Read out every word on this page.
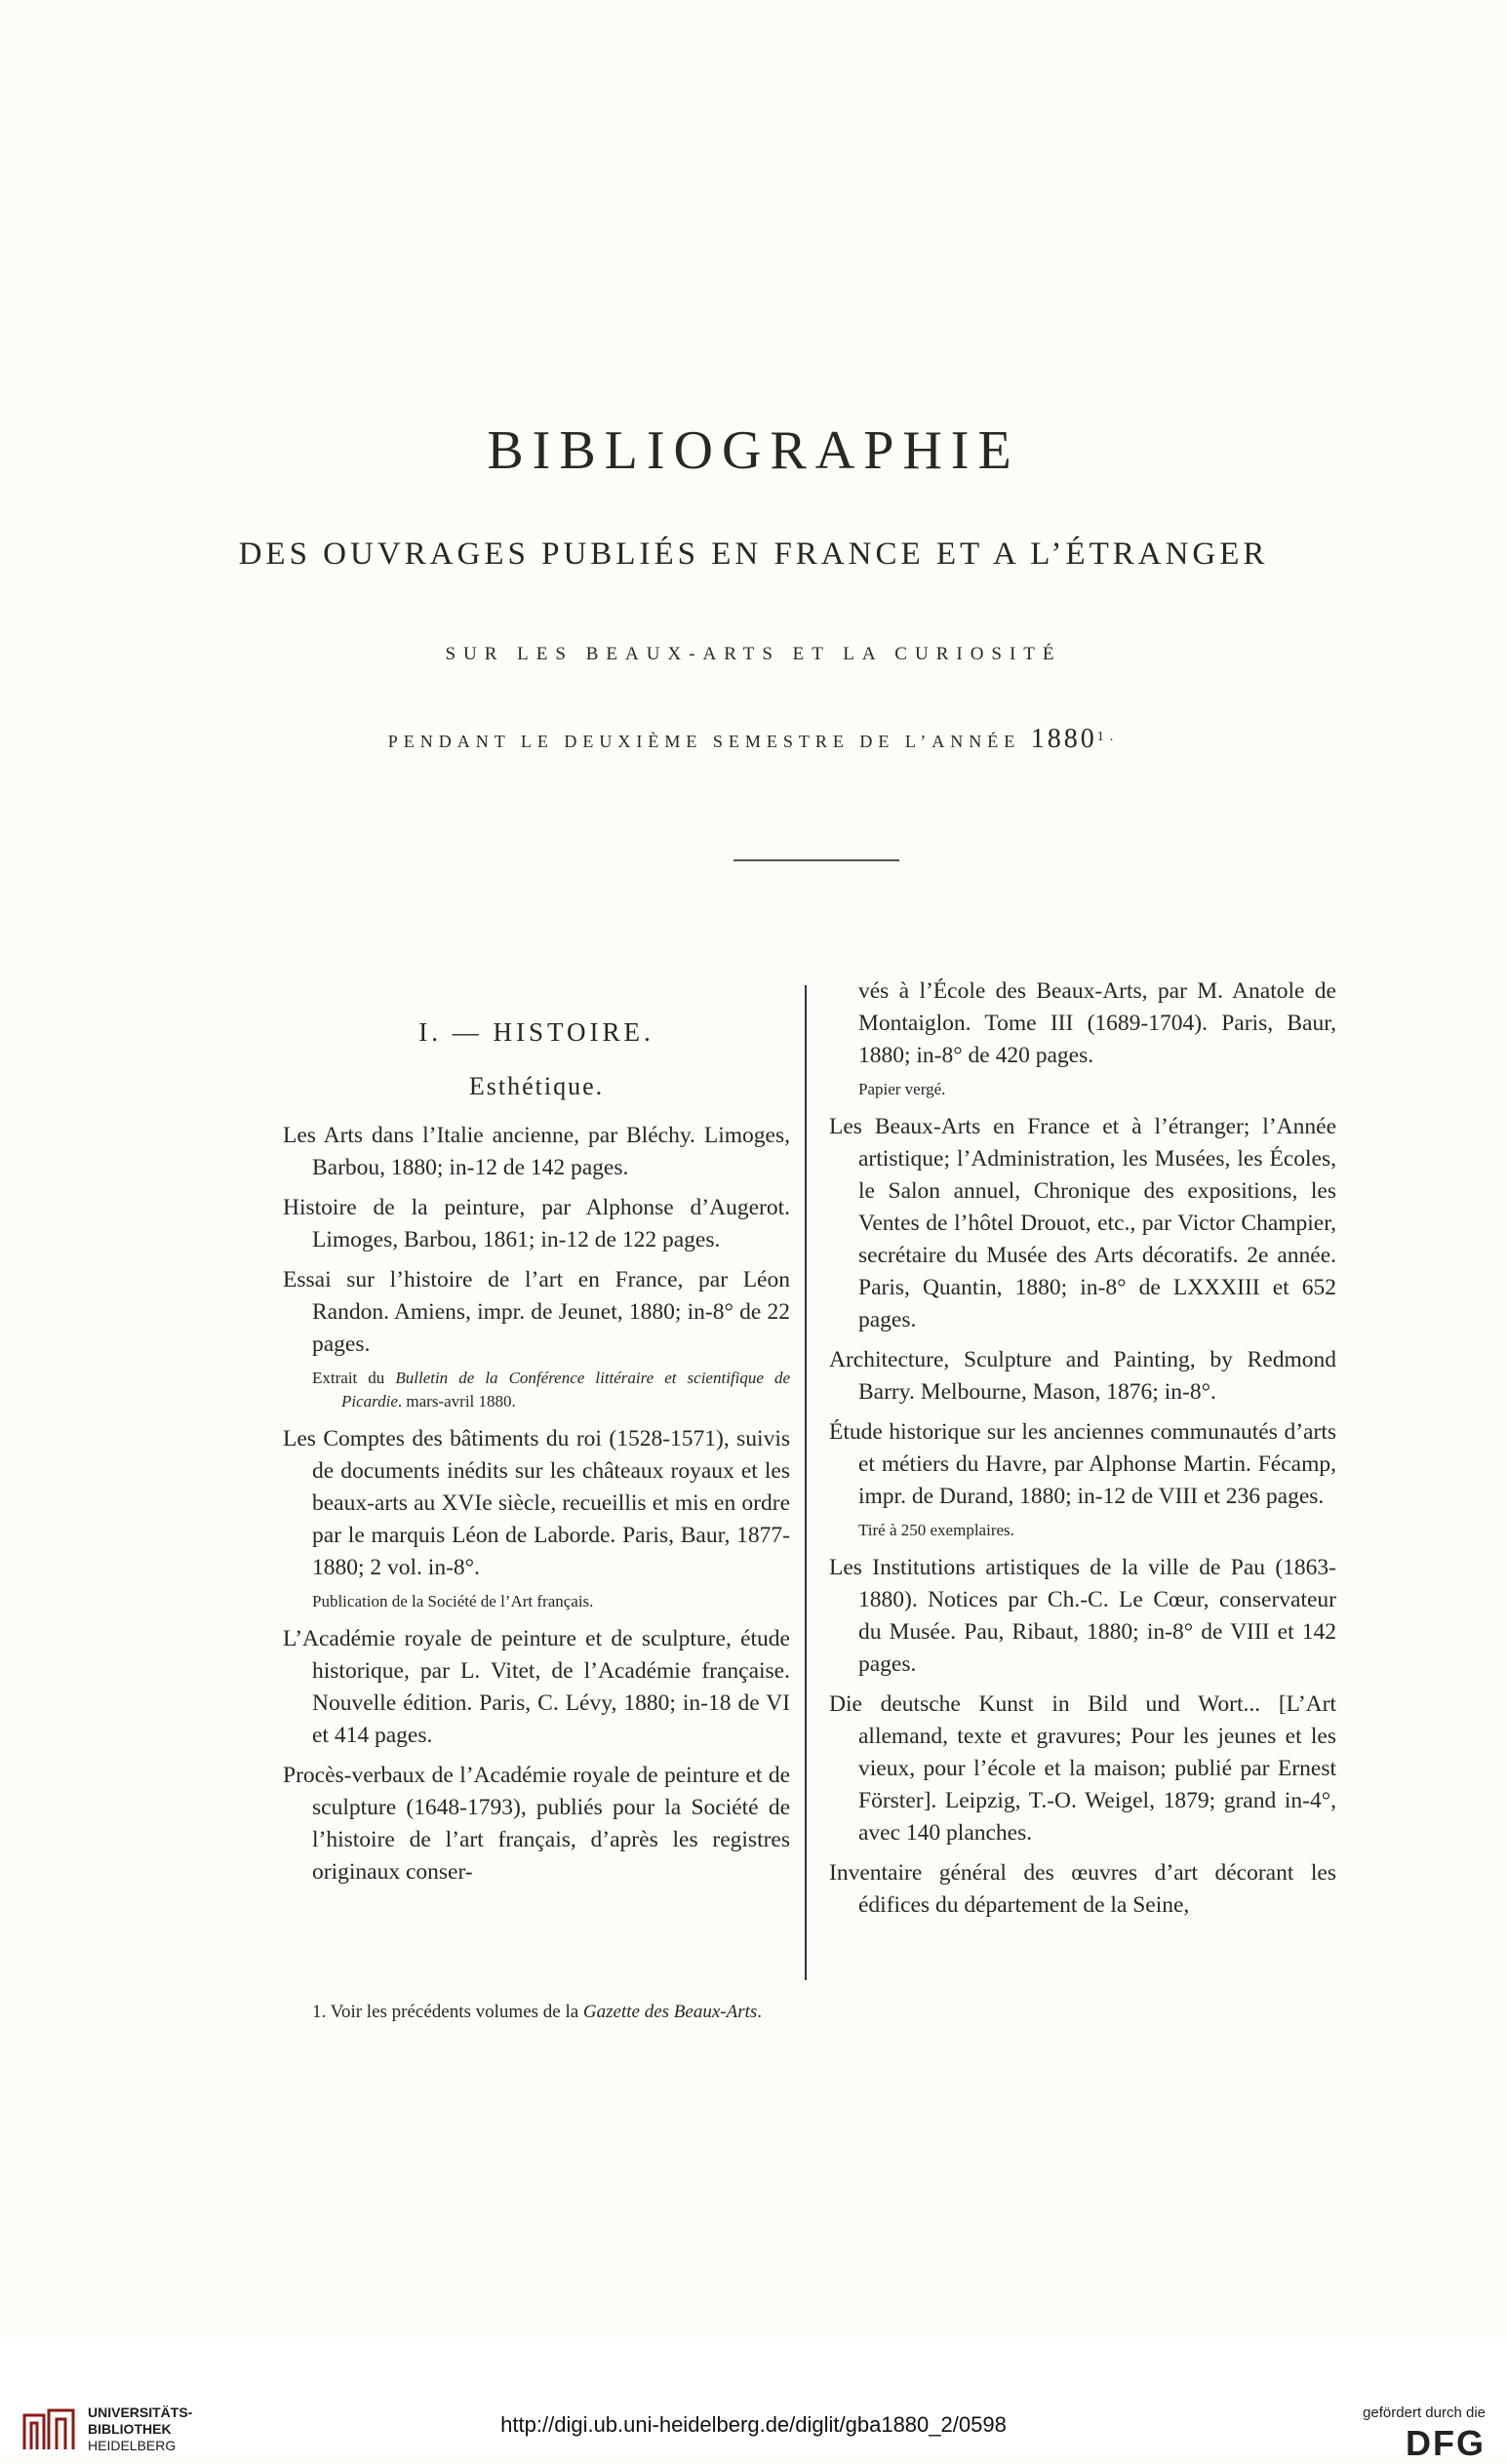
BIBLIOGRAPHIE
DES OUVRAGES PUBLIÉS EN FRANCE ET A L’ÉTRANGER
SUR LES BEAUX-ARTS ET LA CURIOSITÉ
PENDANT LE DEUXIÈME SEMESTRE DE L’ANNÉE $1880^{1.}$
I. — HISTOIRE.
Esthétique.

Les Arts dans l’Italie ancienne, par Bléchy. Limoges, Barbou, 1880; in-12 de 142 pages.

Histoire de la peinture, par Alphonse d’Augerot. Limoges, Barbou, 1861; in-12 de 122 pages.

Essai sur l’histoire de l’art en France, par Léon Randon. Amiens, impr. de Jeunet, 1880; in-8° de 22 pages.

Extrait du Bulletin de la Conférence littéraire et scientifique de Picardie. mars-avril 1880.

Les Comptes des bâtiments du roi (1528-1571), suivis de documents inédits sur les châteaux royaux et les beaux-arts au XVIe siècle, recueillis et mis en ordre par le marquis Léon de Laborde. Paris, Baur, 1877-1880; 2 vol. in-8°.

Publication de la Société de l’Art français.

L’Académie royale de peinture et de sculpture, étude historique, par L. Vitet, de l’Académie française. Nouvelle édition. Paris, C. Lévy, 1880; in-18 de VI et 414 pages.

Procès-verbaux de l’Académie royale de peinture et de sculpture (1648-1793), publiés pour la Société de l’histoire de l’art français, d’après les registres originaux conser-

vés à l’École des Beaux-Arts, par M. Anatole de Montaiglon. Tome III (1689-1704). Paris, Baur, 1880; in-8° de 420 pages.

Papier vergé.

Les Beaux-Arts en France et à l’étranger; l’Année artistique; l’Administration, les Musées, les Écoles, le Salon annuel, Chronique des expositions, les Ventes de l’hôtel Drouot, etc., par Victor Champier, secrétaire du Musée des Arts décoratifs. 2e année. Paris, Quantin, 1880; in-8° de LXXXIII et 652 pages.

Architecture, Sculpture and Painting, by Redmond Barry. Melbourne, Mason, 1876; in-8°.

Étude historique sur les anciennes communautés d’arts et métiers du Havre, par Alphonse Martin. Fécamp, impr. de Durand, 1880; in-12 de VIII et 236 pages.

Tiré à 250 exemplaires.

Les Institutions artistiques de la ville de Pau (1863-1880). Notices par Ch.-C. Le Cœur, conservateur du Musée. Pau, Ribaut, 1880; in-8° de VIII et 142 pages.

Die deutsche Kunst in Bild und Wort... [L’Art allemand, texte et gravures; Pour les jeunes et les vieux, pour l’école et la maison; publié par Ernest Förster]. Leipzig, T.-O. Weigel, 1879; grand in-4°, avec 140 planches.

Inventaire général des œuvres d’art décorant les édifices du département de la Seine,

1. Voir les précédents volumes de la Gazette des Beaux-Arts.
UNIVERSITÄTS-
BIBLIOTHEK
HEIDELBERG
http://digi.ub.uni-heidelberg.de/diglit/gba1880_2/0598	gefördert durch die
DFG
